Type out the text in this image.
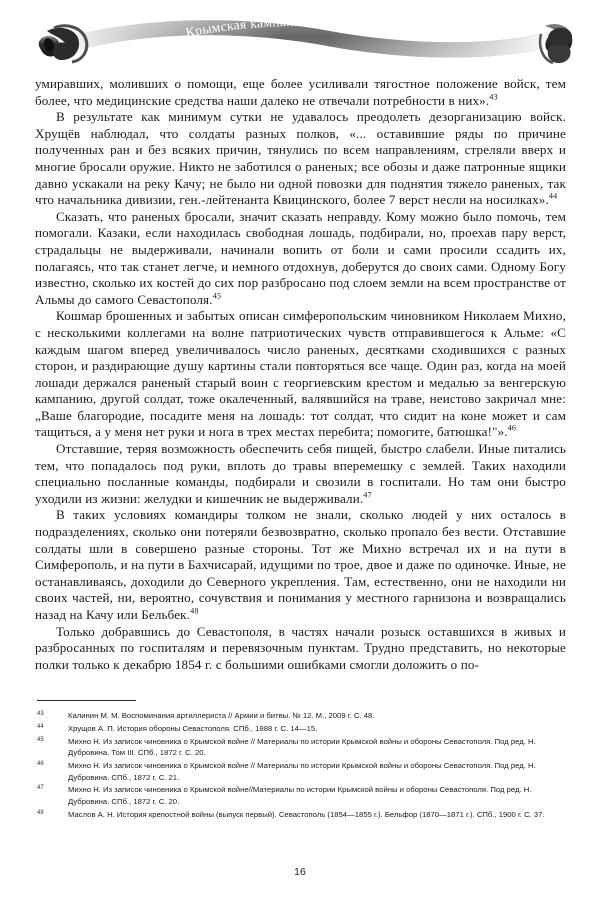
Крымская кампания Восточной войны

умиравших, моливших о помощи, еще более усиливали тягостное положение войск, тем более, что медицинские средства наши далеко не отвечали потребности в них».$^{43}$

В результате как минимум сутки не удавалось преодолеть дезорганизацию войск. Хрущёв наблюдал, что солдаты разных полков, «... оставившие ряды по причине полученных ран и без всяких причин, тянулись по всем направлениям, стреляли вверх и многие бросали оружие. Никто не заботился о раненых; все обозы и даже патронные ящики давно ускакали на реку Качу; не было ни одной повозки для поднятия тяжело раненых, так что начальника дивизии, ген.-лейтенанта Квицинского, более 7 верст несли на носилках».$^{44}$

Сказать, что раненых бросали, значит сказать неправду. Кому можно было помочь, тем помогали. Казаки, если находилась свободная лошадь, подбирали, но, проехав пару верст, страдальцы не выдерживали, начинали вопить от боли и сами просили ссадить их, полагаясь, что так станет легче, и немного отдохнув, доберутся до своих сами. Одному Богу известно, сколько их костей до сих пор разбросано под слоем земли на всем пространстве от Альмы до самого Севастополя.$^{45}$

Кошмар брошенных и забытых описан симферопольским чиновником Николаем Михно, с несколькими коллегами на волне патриотических чувств отправившегося к Альме: «С каждым шагом вперед увеличивалось число раненых, десятками сходившихся с разных сторон, и раздирающие душу картины стали повторяться все чаще. Один раз, когда на моей лошади держался раненый старый воин с георгиевским крестом и медалью за венгерскую кампанию, другой солдат, тоже окалеченный, валявшийся на траве, неистово закричал мне: „Ваше благородие, посадите меня на лошадь: тот солдат, что сидит на коне может и сам тащиться, а у меня нет руки и нога в трех местах перебита; помогите, батюшка!"».$^{46}$

Отставшие, теряя возможность обеспечить себя пищей, быстро слабели. Иные питались тем, что попадалось под руки, вплоть до травы вперемешку с землей. Таких находили специально посланные команды, подбирали и свозили в госпитали. Но там они быстро уходили из жизни: желудки и кишечник не выдерживали.$^{47}$

В таких условиях командиры толком не знали, сколько людей у них осталось в подразделениях, сколько они потеряли безвозвратно, сколько пропало без вести. Отставшие солдаты шли в совершено разные стороны. Тот же Михно встречал их и на пути в Симферополь, и на пути в Бахчисарай, идущими по трое, двое и даже по одиночке. Иные, не останавливаясь, доходили до Северного укрепления. Там, естественно, они не находили ни своих частей, ни, вероятно, сочувствия и понимания у местного гарнизона и возвращались назад на Качу или Бельбек.$^{48}$

Только добравшись до Севастополя, в частях начали розыск оставшихся в живых и разбросанных по госпиталям и перевязочным пунктам. Трудно представить, но некоторые полки только к декабрю 1854 г. с большими ошибками смогли доложить о по-

43	Калинин М. М. Воспоминания артиллериста // Армии и битвы. № 12. М., 2009 г. С. 48.
44	Хрущов А. П. История обороны Севастополя. СПб., 1888 г. С. 14—15.
45	Михно Н. Из записок чиновника о Крымской войне // Материалы по истории Крымской войны и обороны Севастополя. Под ред. Н. Дубровина. Том III. СПб., 1872 г. С. 20.
46	Михно Н. Из записок чиновника о Крымской войне // Материалы по истории Крымской войны и обороны Севастополя. Под ред. Н. Дубровина. СПб., 1872 г. С. 21.
47	Михно Н. Из записок чиновника о Крымской войне//Материалы по истории Крымской войны и обороны Севастополя. Под ред. Н. Дубровина. СПб., 1872 г. С. 20.
48	Маслов А. Н. История крепостной войны (выпуск первый). Севастополь (1854—1855 г.). Бельфор (1870—1871 г.). СПб., 1900 г. С. 37.
16
